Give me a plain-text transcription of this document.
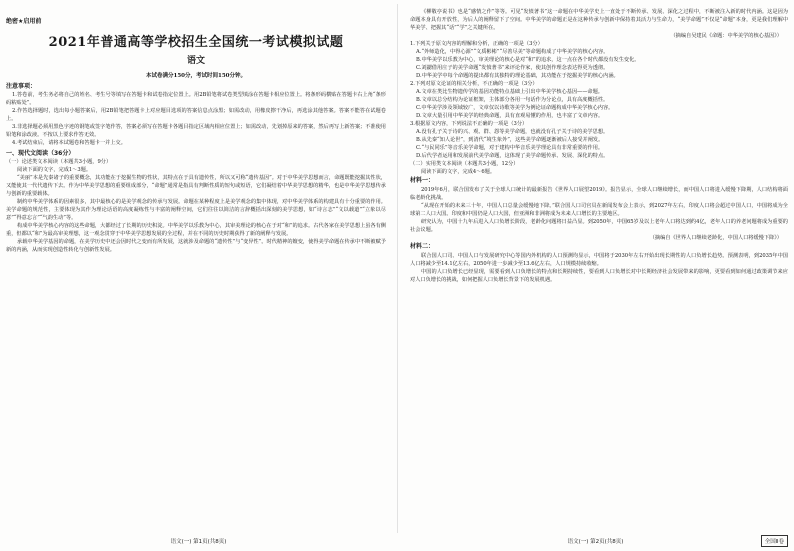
绝密★启用前
2021年普通高等学校招生全国统一考试模拟试题
语文
本试卷满分150分，考试时间150分钟。
注意事项：

1.答卷前，考生务必将自己的姓名、考生号等填写在答题卡和试卷指定位置上。用2B铅笔将试卷类型填涂在答题卡相应位置上。将条形码横贴在答题卡右上角“条形码粘贴处”。

2.作答选择题时，选出每小题答案后，用2B铅笔把答题卡上对应题目选项的答案信息点涂黑；如需改动，用橡皮擦干净后，再选涂其他答案。答案不能答在试题卷上。

3.非选择题必须用黑色字迹的钢笔或签字笔作答，答案必须写在答题卡各题目指定区域内相应位置上；如需改动，先划掉原来的答案，然后再写上新答案；不准使用铅笔和涂改液。不按以上要求作答无效。

4.考试结束后，请将本试题卷和答题卡一并上交。

一、现代文阅读（36分）

（一）论述类文本阅读（本题共3小题，9分）

阅读下面的文字，完成1～3题。

“美丽”本是先秦诸子的重要概念，其功能在于挖掘生物的性状，其特点在于具有遗传性，所以又可称“遗传基因”。对于中华美学思想而言，命题既能挖掘其性状，又能使其一代代遗传下去。作为中华美学思想的重要组成部分，“命题”通常是指具有判断性质的短句或短语，它们凝结着中华美学思想的精华，也是中华美学思想传承与创新的重要载体。

制约中华美学体系的因素很多，其中最核心的是美学观念的传承与发展。命题在某种程度上是美学观念的集中体现，对中华美学体系的构建具有十分重要的作用。美学命题的规范性，主要体现为其作为理论话语的高度凝练性与丰富的阐释空间，它们往往以简洁的言辞概括出深刻的美学思想，如“诗言志”“文以载道”“立象以尽意”“得意忘言”“气韵生动”等。

构成中华美学核心内容的这些命题，大都经过了长期的历史积淀。中华美学以乐教为中心，其审美理论的核心在于对“和”的追求。古代各家在美学思想上虽各有侧重，但都以“和”为最高审美理想，这一观念贯穿于中华美学思想发展的全过程，并在不同的历史时期获得了新的阐释与发展。

承载中华美学基因的命题，在美学历史中还会因时代之变而有所发展，这就涉及命题的“遗传性”与“变异性”。时代精神的嬗变，使得美学命题在传承中不断被赋予新的内涵，从而实现创造性转化与创新性发展。

《柳敬亭说书》也是“感情之作”等等。可见“发愤著书”这一命题在中华美学史上一直处于不断传承、发展、深化之过程中，不断被注入新的时代内涵。这是因为命题本身具有开放性，为后人的阐释留下了空间。中华美学的命题正是在这种传承与创新中保持着其活力与生命力，“美学命题”不仅是“命题”本身，更是我们理解中华美学、把握其“话”“学”之关键所在。

（摘编自吴建民《命题：中华美学的核心基因》）

1.下列关于原文内容的理解和分析，正确的一项是（3分）

A.“外师造化，中得心源”“文质彬彬”“尽善尽美”等命题构成了中华美学的核心内容。

B.中华美学以乐教为中心，审美理论的核心是对“和”的追求，这一点在各个时代都没有发生变化。

C.刘勰借用庄子的美学命题“发愤著书”来评论作家，使其创作理念表达得更为透彻。

D.中华美学中每个命题的提出都有其独特的理论基础，其功能在于挖掘美学的核心内涵。

2.下列对原文论证的相关分析，不正确的一项是（3分）

A.文章在类比生物遗传学的基因功能特点基础上引出中华美学核心基因——命题。

B.文章以总分结构为论证框架，主体部分各用一句话作为分论点，具有高度概括性。

C.中华美学涉及领域较广，文章仅以诗歌等美学为例论证命题构成中华美学核心内容。

D.文章大量引用中华美学的经典命题，具有直观易懂的作用，也丰富了文章内容。

3.根据原文内容，下列说法不正确的一项是（3分）

A.没有孔子关于诗的兴、观、群、怨等美学命题，也就没有孔子关于诗的美学思想。

B.从先秦“知人论世”，到清代“境生象外”，这些美学命题逐渐被后人接受并阐发。

C.“与民同乐”等音乐美学命题，对于建构中华音乐美学理论具有非常重要的作用。

D.后代学者运用和发展前代美学命题，这体现了美学命题传承、发展、深化的特点。

（二）实用类文本阅读（本题共3小题，12分）

阅读下面的文字，完成4～6题。

材料一：

2019年6月，联合国发布了关于全球人口统计的最新报告《世界人口展望2019》。报告显示，全球人口继续增长，而中国人口将进入缓慢下降期，人口结构将面临老龄化挑战。

“从现在开始的未来三十年，中国人口总量会缓慢地下降。”联合国人口司官员在新闻发布会上表示，到2027年左右，印度人口将会超过中国人口，中国将成为全球第二人口大国。印度和中国仍是人口大国，但亚洲和非洲将成为未来人口增长的主要地区。

研究认为，中国十九年后进入人口负增长阶段，老龄化问题将日益凸显。到2050年，中国65岁及以上老年人口将达到约4亿，老年人口的养老问题将成为重要的社会议题。

（摘编自《世界人口继续老龄化，中国人口将缓慢下降》）

材料二：

联合国人口司、中国人口与发展研究中心等国内外机构的人口预测均显示，中国将于2030年左右开始出现长期性的人口负增长趋势。预测表明，到2035年中国人口将减少至14.1亿左右，2050年进一步减少至13.6亿左右，人口规模持续收缩。

中国的人口负增长已经显现，需要看到人口负增长的特点和长期持续性，要看到人口负增长对中长期经济社会发展带来的影响，更要看到如何通过政策调节来应对人口负增长的挑战，如何把握人口负增长背景下的发展机遇。

语文(一) 第1页(共8页)	语文(一) 第2页(共8页)	全国Ⅱ卷
